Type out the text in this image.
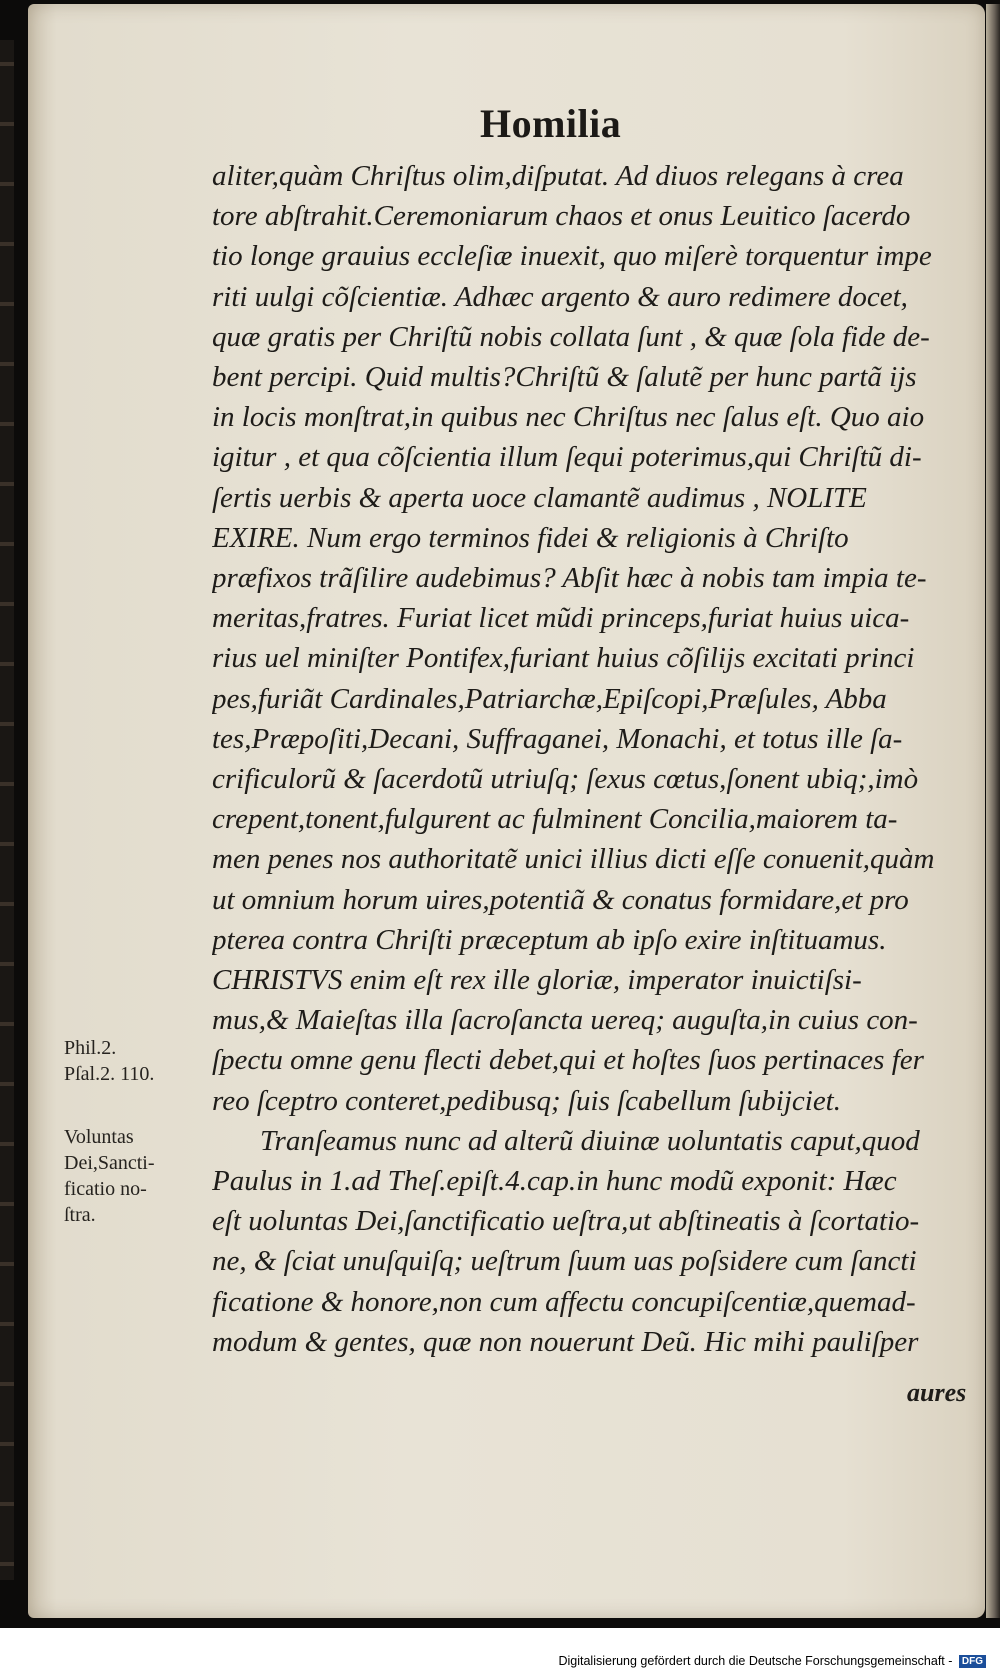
Homilia
aliter,quàm Chriſtus olim,diſputat. Ad diuos relegans à crea
tore abſtrahit.Ceremoniarum chaos et onus Leuitico ſacerdo
tio longe grauius eccleſiæ inuexit, quo miſerè torquentur impe
riti uulgi cõſcientiæ. Adhæc argento & auro redimere docet,
quæ gratis per Chriſtũ nobis collata ſunt , & quæ ſola fide de-
bent percipi. Quid multis?Chriſtũ & ſalutẽ per hunc partã ijs
in locis monſtrat,in quibus nec Chriſtus nec ſalus eſt. Quo aio
igitur , et qua cõſcientia illum ſequi poterimus,qui Chriſtũ di-
ſertis uerbis & aperta uoce clamantẽ audimus , NOLITE
EXIRE. Num ergo terminos fidei & religionis à Chriſto
præfixos trãſilire audebimus? Abſit hæc à nobis tam impia te-
meritas,fratres. Furiat licet mũdi princeps,furiat huius uica-
rius uel miniſter Pontifex,furiant huius cõſilijs excitati princi
pes,furiãt Cardinales,Patriarchæ,Epiſcopi,Præſules, Abba
tes,Præpoſiti,Decani, Suffraganei, Monachi, et totus ille ſa-
crificulorũ & ſacerdotũ utriuſq; ſexus cœtus,ſonent ubiq;,imò
crepent,tonent,fulgurent ac fulminent Concilia,maiorem ta-
men penes nos authoritatẽ unici illius dicti eſſe conuenit,quàm
ut omnium horum uires,potentiã & conatus formidare,et pro
pterea contra Chriſti præceptum ab ipſo exire inſtituamus.
CHRISTVS enim eſt rex ille gloriæ, imperator inuictiſsi-
mus,& Maieſtas illa ſacroſancta uereq; auguſta,in cuius con-
ſpectu omne genu flecti debet,qui et hoſtes ſuos pertinaces fer
reo ſceptro conteret,pedibusq; ſuis ſcabellum ſubijciet.
Tranſeamus nunc ad alterũ diuinæ uoluntatis caput,quod
Paulus in 1.ad Theſ.epiſt.4.cap.in hunc modũ exponit: Hæc
eſt uoluntas Dei,ſanctificatio ueſtra,ut abſtineatis à ſcortatio-
ne, & ſciat unuſquiſq; ueſtrum ſuum uas poſsidere cum ſancti
ficatione & honore,non cum affectu concupiſcentiæ,quemad-
modum & gentes, quæ non nouerunt Deũ. Hic mihi pauliſper
Phil.2.
Pſal.2. 110.
Voluntas
Dei,Sancti-
ficatio no-
ſtra.
aures
Digitalisierung gefördert durch die Deutsche Forschungsgemeinschaft - DFG
